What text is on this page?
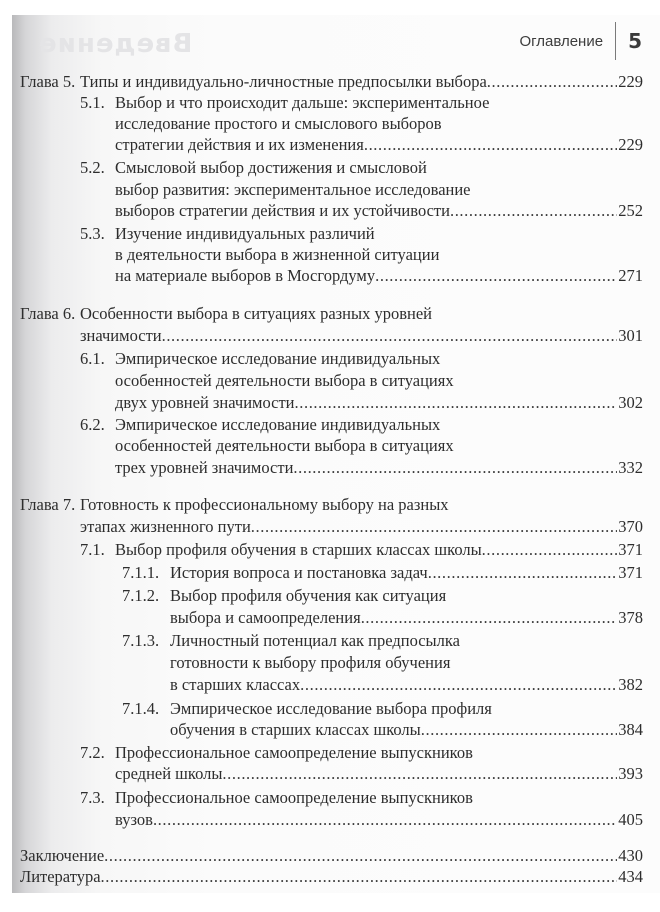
Введение	Оглавление 5
Глава 5. Типы и индивидуально-личностные предпосылки выбора .....	229
5.1. Выбор и что происходит дальше: экспериментальное
исследование простого и смыслового выборов
стратегии действия и их изменения .....	229
5.2. Смысловой выбор достижения и смысловой
выбор развития: экспериментальное исследование
выборов стратегии действия и их устойчивости .....	252
5.3. Изучение индивидуальных различий
в деятельности выбора в жизненной ситуации
на материале выборов в Мосгордуму .....	271
Глава 6. Особенности выбора в ситуациях разных уровней
значимости .....	301
6.1. Эмпирическое исследование индивидуальных
особенностей деятельности выбора в ситуациях
двух уровней значимости .....	302
6.2. Эмпирическое исследование индивидуальных
особенностей деятельности выбора в ситуациях
трех уровней значимости .....	332
Глава 7. Готовность к профессиональному выбору на разных
этапах жизненного пути .....	370
7.1. Выбор профиля обучения в старших классах школы .....	371
7.1.1. История вопроса и постановка задач .....	371
7.1.2. Выбор профиля обучения как ситуация
выбора и самоопределения .....	378
7.1.3. Личностный потенциал как предпосылка
готовности к выбору профиля обучения
в старших классах .....	382
7.1.4. Эмпирическое исследование выбора профиля
обучения в старших классах школы .....	384
7.2. Профессиональное самоопределение выпускников
средней школы .....	393
7.3. Профессиональное самоопределение выпускников
вузов .....	405
Заключение .....	430
Литература .....	434
